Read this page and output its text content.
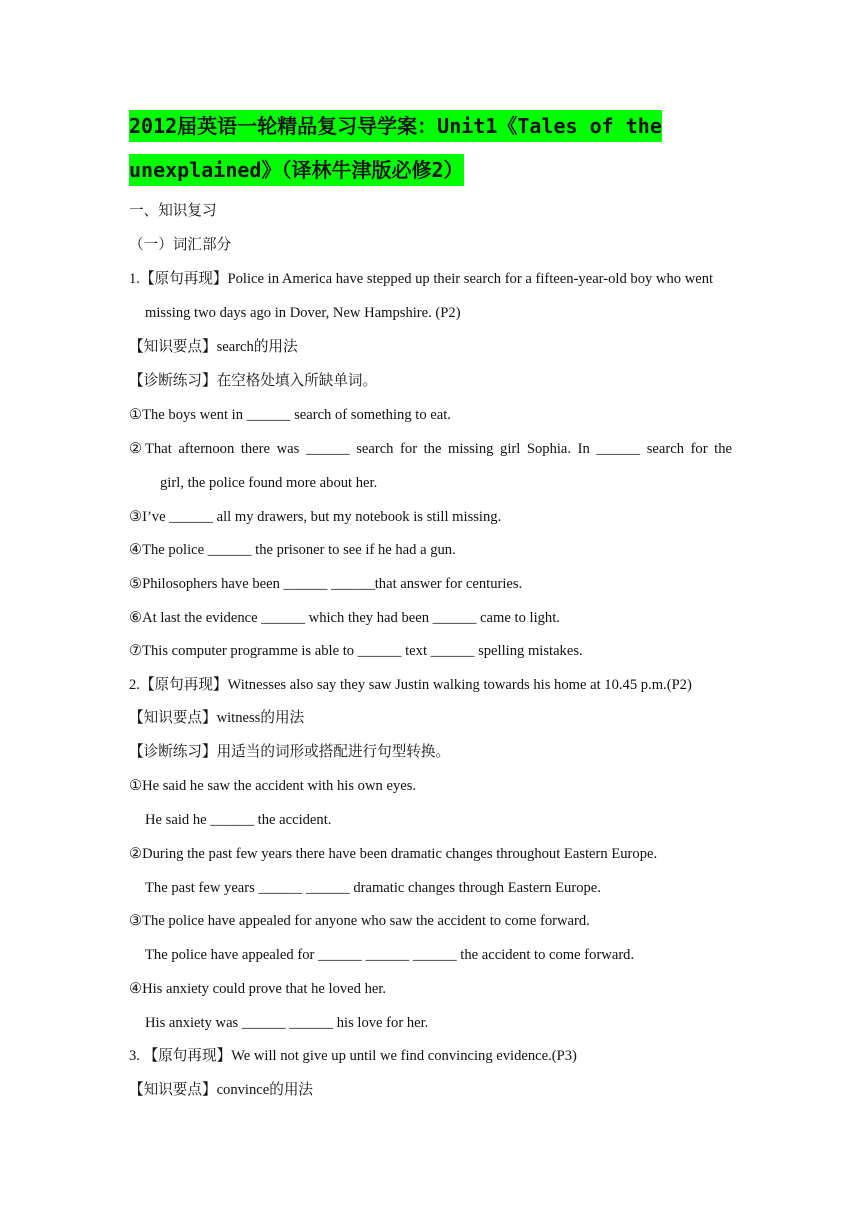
2012届英语一轮精品复习导学案：Unit1《Tales of the
unexplained》（译林牛津版必修2）
一、知识复习
（一）词汇部分
1.【原句再现】Police in America have stepped up their search for a fifteen-year-old boy who went
missing two days ago in Dover, New Hampshire. (P2)
【知识要点】search的用法
【诊断练习】在空格处填入所缺单词。
①The boys went in ______ search of something to eat.
②That afternoon there was ______ search for the missing girl Sophia. In ______ search for the
girl, the police found more about her.
③I’ve ______ all my drawers, but my notebook is still missing.
④The police ______ the prisoner to see if he had a gun.
⑤Philosophers have been ______ ______that answer for centuries.
⑥At last the evidence ______ which they had been ______ came to light.
⑦This computer programme is able to ______ text ______ spelling mistakes.
2.【原句再现】Witnesses also say they saw Justin walking towards his home at 10.45 p.m.(P2)
【知识要点】witness的用法
【诊断练习】用适当的词形或搭配进行句型转换。
①He said he saw the accident with his own eyes.
He said he ______ the accident.
②During the past few years there have been dramatic changes throughout Eastern Europe.
The past few years ______ ______ dramatic changes through Eastern Europe.
③The police have appealed for anyone who saw the accident to come forward.
The police have appealed for ______ ______ ______ the accident to come forward.
④His anxiety could prove that he loved her.
His anxiety was ______ ______ his love for her.
3. 【原句再现】We will not give up until we find convincing evidence.(P3)
【知识要点】convince的用法
